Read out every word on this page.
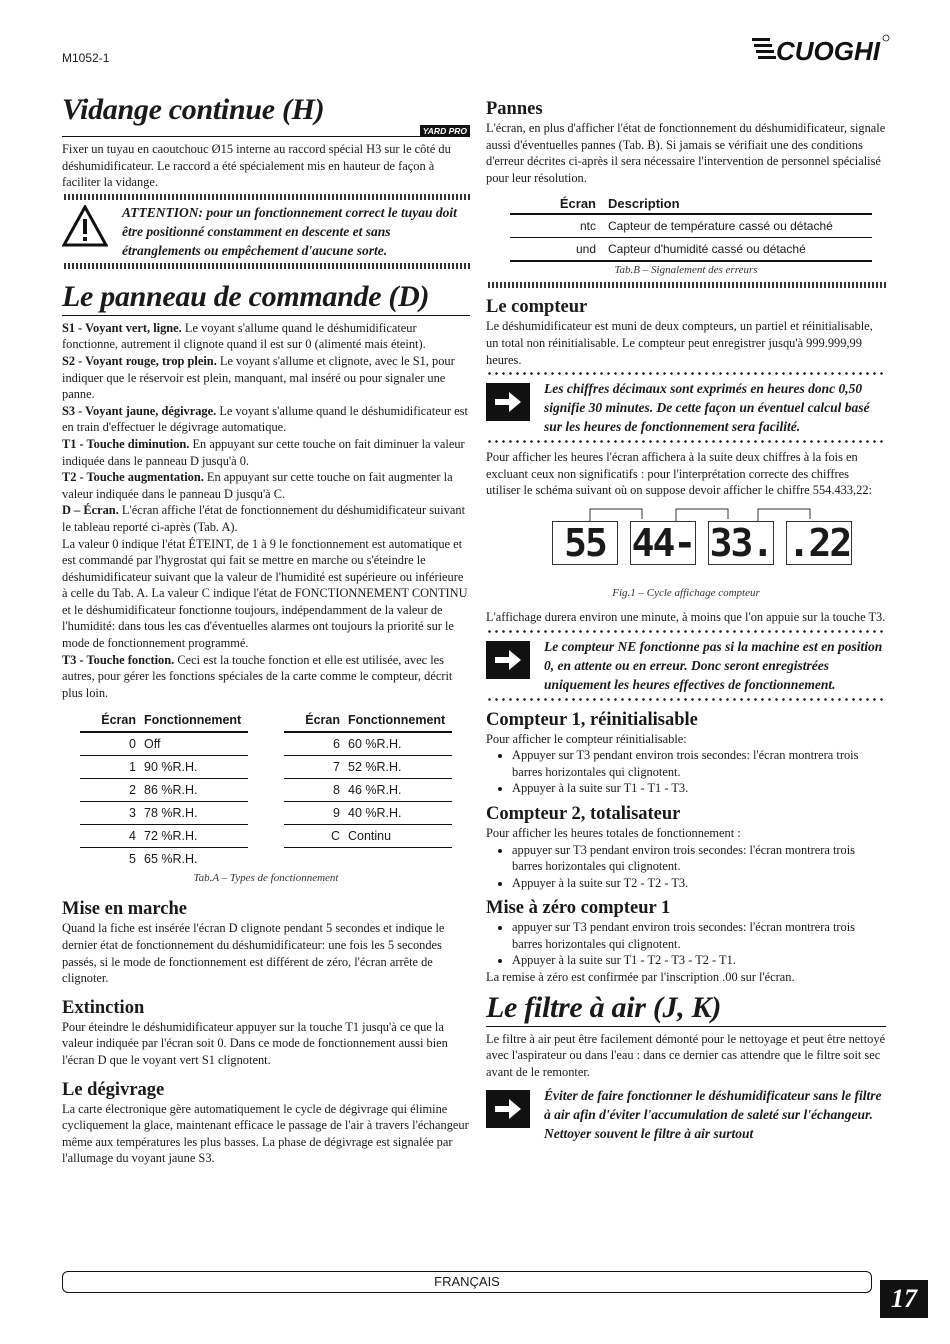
M1052-1	CUOGHI
Vidange continue (H)
YARD PRO

Fixer un tuyau en caoutchouc Ø15 interne au raccord spécial H3 sur le côté du déshumidificateur. Le raccord a été spécialement mis en hauteur de façon à faciliter la vidange.

ATTENTION: pour un fonctionnement correct le tuyau doit être positionné constamment en descente et sans étranglements ou empêchement d'aucune sorte.

Le panneau de commande (D)

S1 - Voyant vert, ligne. Le voyant s'allume quand le déshumidificateur fonctionne, autrement il clignote quand il est sur 0 (alimenté mais éteint).

S2 - Voyant rouge, trop plein. Le voyant s'allume et clignote, avec le S1, pour indiquer que le réservoir est plein, manquant, mal inséré ou pour signaler une panne.

S3 - Voyant jaune, dégivrage. Le voyant s'allume quand le déshumidificateur est en train d'effectuer le dégivrage automatique.

T1 - Touche diminution. En appuyant sur cette touche on fait diminuer la valeur indiquée dans le panneau D jusqu'à 0.

T2 - Touche augmentation. En appuyant sur cette touche on fait augmenter la valeur indiquée dans le panneau D jusqu'à C.

D – Écran. L'écran affiche l'état de fonctionnement du déshumidificateur suivant le tableau reporté ci-après (Tab. A).

La valeur 0 indique l'état ÉTEINT, de 1 à 9 le fonctionnement est automatique et est commandé par l'hygrostat qui fait se mettre en marche ou s'éteindre le déshumidificateur suivant que la valeur de l'humidité est supérieure ou inférieure à celle du Tab. A. La valeur C indique l'état de FONCTIONNEMENT CONTINU et le déshumidificateur fonctionne toujours, indépendamment de la valeur de l'humidité: dans tous les cas d'éventuelles alarmes ont toujours la priorité sur le mode de fonctionnement programmé.

T3 - Touche fonction. Ceci est la touche fonction et elle est utilisée, avec les autres, pour gérer les fonctions spéciales de la carte comme le compteur, décrit plus loin.

Écran	Fonctionnement
0	Off
1	90 %R.H.
2	86 %R.H.
3	78 %R.H.
4	72 %R.H.
5	65 %R.H.
Écran	Fonctionnement
6	60 %R.H.
7	52 %R.H.
8	46 %R.H.
9	40 %R.H.
C	Continu
Tab.A – Types de fonctionnement
Mise en marche

Quand la fiche est insérée l'écran D clignote pendant 5 secondes et indique le dernier état de fonctionnement du déshumidificateur: une fois les 5 secondes passés, si le mode de fonctionnement est différent de zéro, l'écran arrête de clignoter.

Extinction

Pour éteindre le déshumidificateur appuyer sur la touche T1 jusqu'à ce que la valeur indiquée par l'écran soit 0. Dans ce mode de fonctionnement aussi bien l'écran D que le voyant vert S1 clignotent.

Le dégivrage

La carte électronique gère automatiquement le cycle de dégivrage qui élimine cycliquement la glace, maintenant efficace le passage de l'air à travers l'échangeur même aux températures les plus basses. La phase de dégivrage est signalée par l'allumage du voyant jaune S3.

Pannes

L'écran, en plus d'afficher l'état de fonctionnement du déshumidificateur, signale aussi d'éventuelles pannes (Tab. B). Si jamais se vérifiait une des conditions d'erreur décrites ci-après il sera nécessaire l'intervention de personnel spécialisé pour leur résolution.

Écran	Description
ntc	Capteur de température cassé ou détaché
und	Capteur d'humidité cassé ou détaché
Tab.B – Signalement des erreurs
Le compteur

Le déshumidificateur est muni de deux compteurs, un partiel et réinitialisable, un total non réinitialisable. Le compteur peut enregistrer jusqu'à 999.999,99 heures.

Les chiffres décimaux sont exprimés en heures donc 0,50 signifie 30 minutes. De cette façon un éventuel calcul basé sur les heures de fonctionnement sera facilité.

Pour afficher les heures l'écran affichera à la suite deux chiffres à la fois en excluant ceux non significatifs : pour l'interprétation correcte des chiffres utiliser le schéma suivant où on suppose devoir afficher le chiffre 554.433,22:

55 44- 33. .22
Fig.1 – Cycle affichage compteur

L'affichage durera environ une minute, à moins que l'on appuie sur la touche T3.

Le compteur NE fonctionne pas si la machine est en position 0, en attente ou en erreur. Donc seront enregistrées uniquement les heures effectives de fonctionnement.

Compteur 1, réinitialisable

Pour afficher le compteur réinitialisable:

• Appuyer sur T3 pendant environ trois secondes: l'écran montrera trois barres horizontales qui clignotent.
• Appuyer à la suite sur T1 - T1 - T3.
Compteur 2, totalisateur

Pour afficher les heures totales de fonctionnement :

• appuyer sur T3 pendant environ trois secondes: l'écran montrera trois barres horizontales qui clignotent.
• Appuyer à la suite sur T2 - T2 - T3.
Mise à zéro compteur 1
• appuyer sur T3 pendant environ trois secondes: l'écran montrera trois barres horizontales qui clignotent.
• Appuyer à la suite sur T1 - T2 - T3 - T2 - T1.

La remise à zéro est confirmée par l'inscription .00 sur l'écran.

Le filtre à air (J, K)

Le filtre à air peut être facilement démonté pour le nettoyage et peut être nettoyé avec l'aspirateur ou dans l'eau : dans ce dernier cas attendre que le filtre soit sec avant de le remonter.

Éviter de faire fonctionner le déshumidificateur sans le filtre à air afin d'éviter l'accumulation de saleté sur l'échangeur. Nettoyer souvent le filtre à air surtout

FRANÇAIS
17
